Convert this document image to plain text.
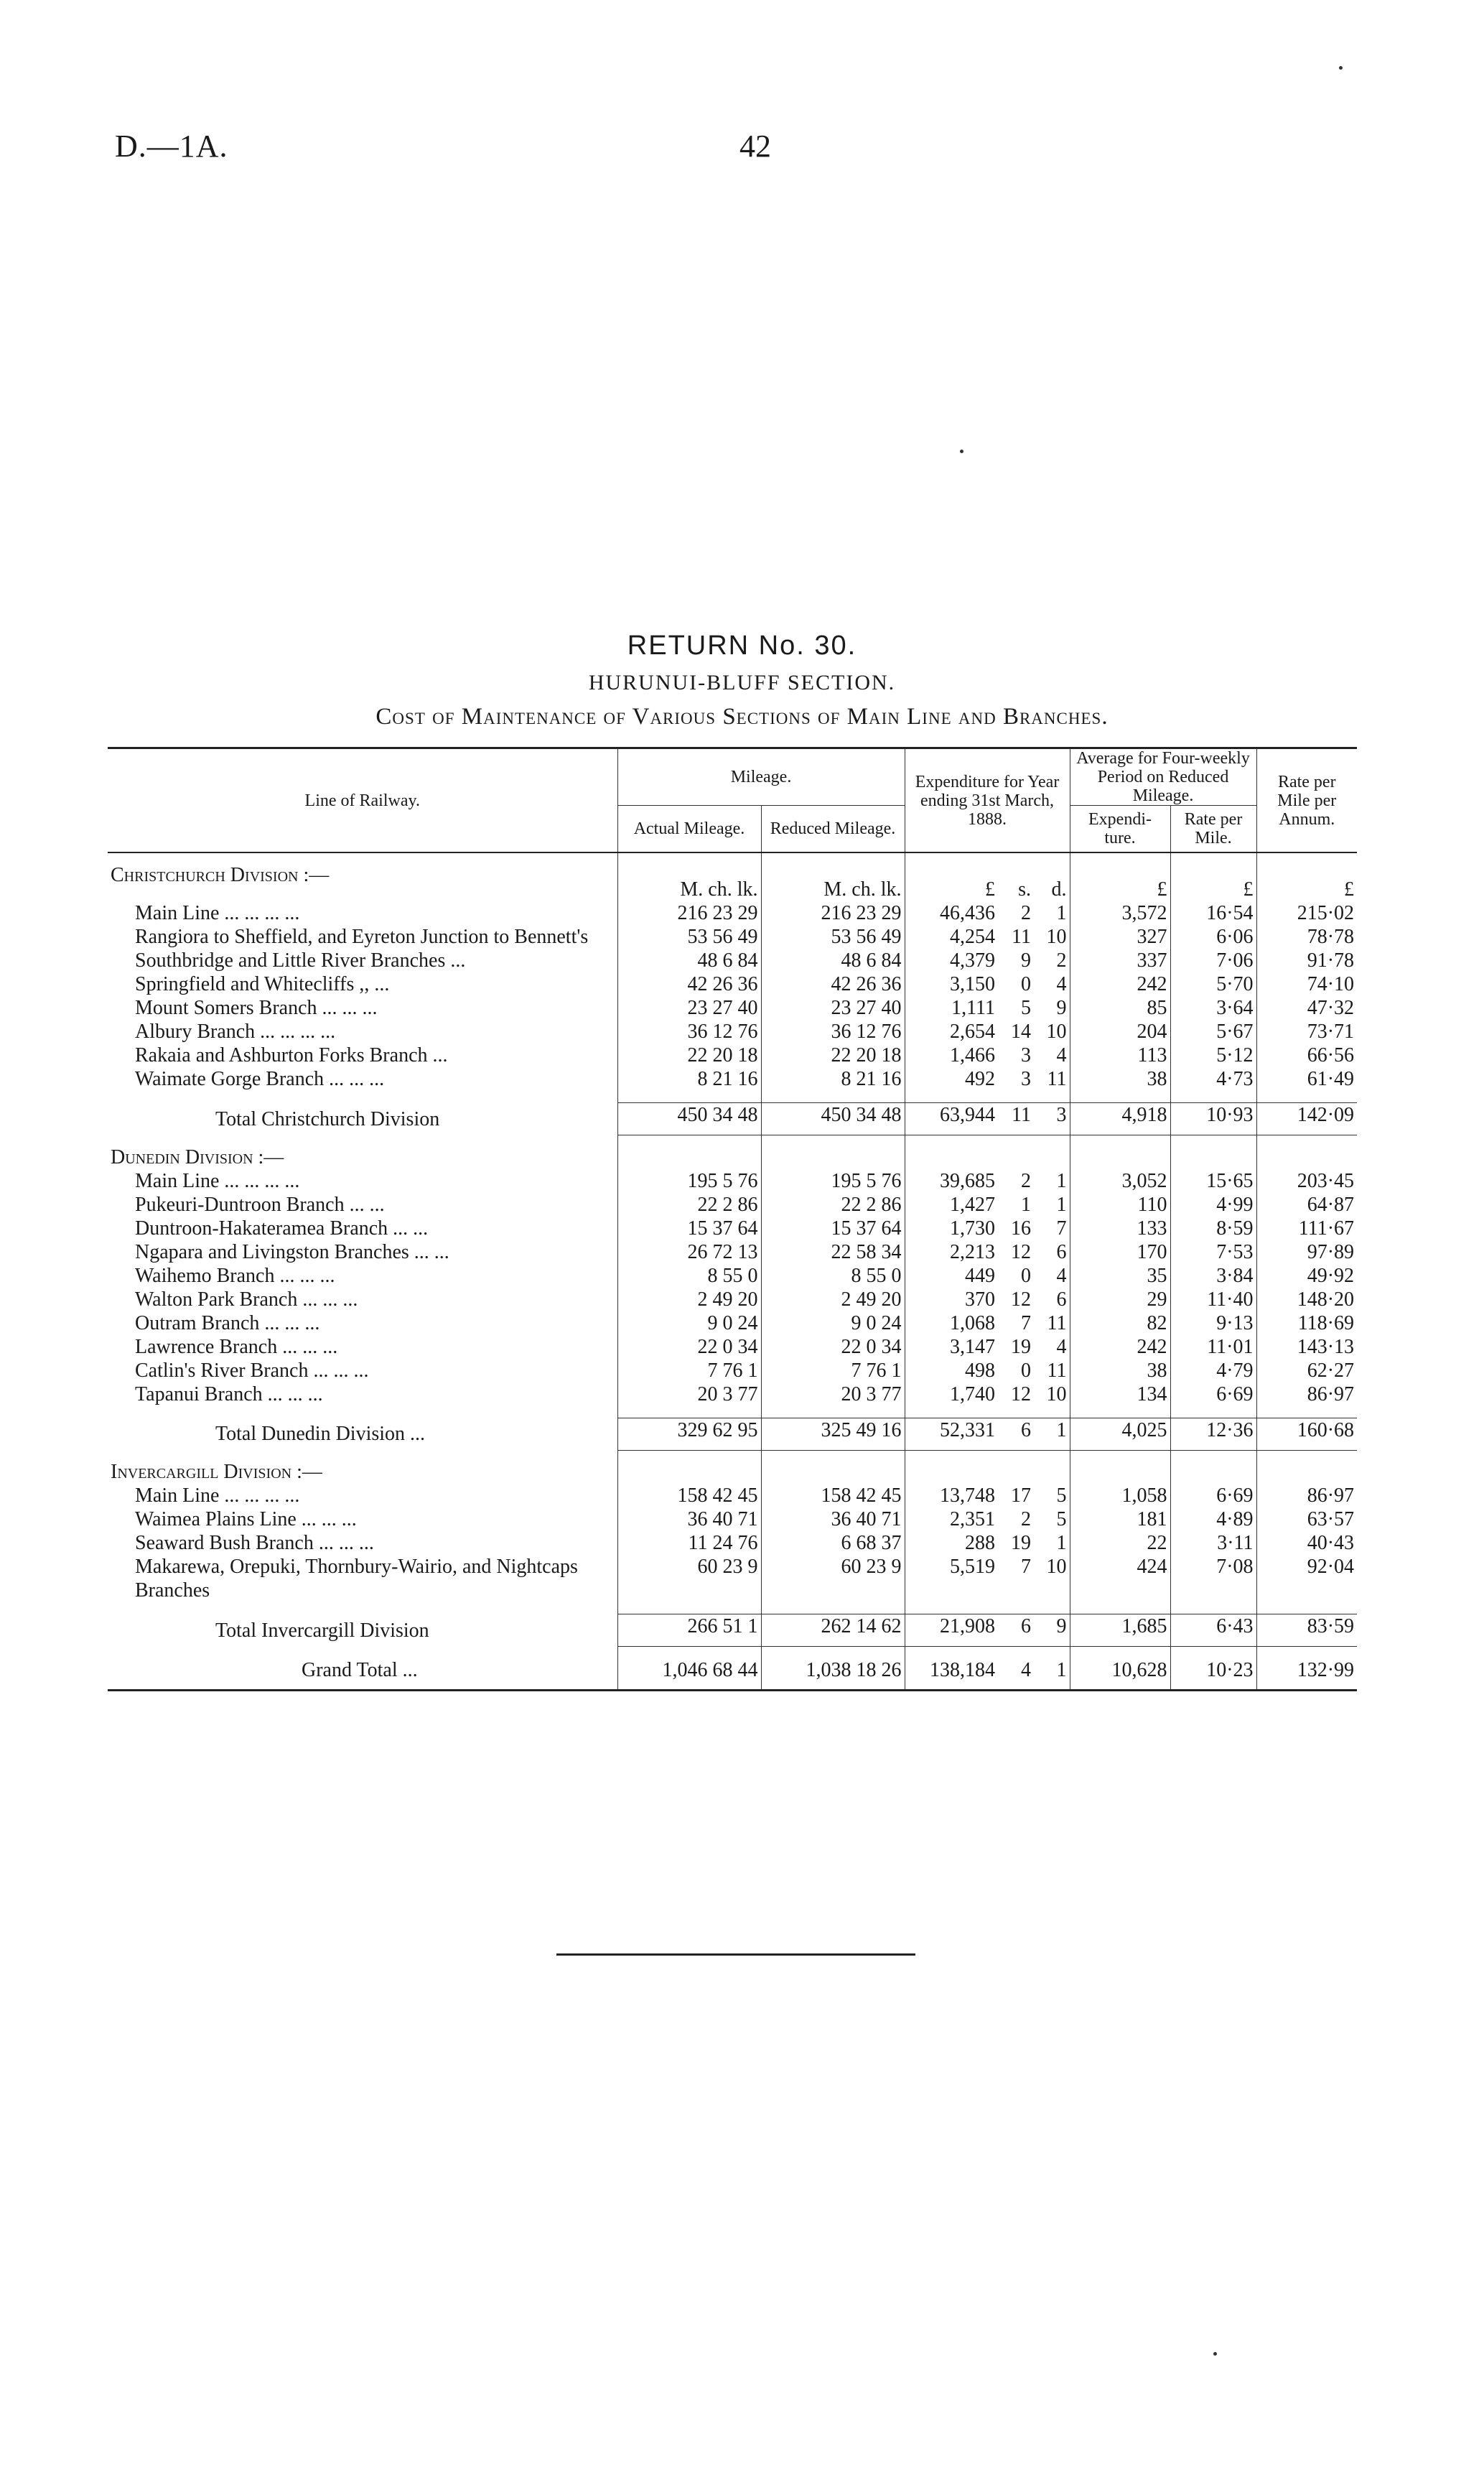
D.—1A.	42
RETURN No. 30.
HURUNUI-BLUFF SECTION.
Cost of Maintenance of Various Sections of Main Line and Branches.
Line of Railway.	Mileage.		Expenditure for Year ending 31st March, 1888.			Average for Four-weekly Period on Reduced Mileage.		Rate per Mile per Annum.
	Actual Mileage.	Reduced Mileage.				Expendi-ture.	Rate per Mile.	
Christchurch Division :—	M. ch. lk.	M. ch. lk.	£	s.	d.	£	£	£
Main Line ... ... ... ...	216 23 29	216 23 29	46,436	2	1	3,572	16·54	215·02
Rangiora to Sheffield, and Eyreton Junction to Bennett's	53 56 49	53 56 49	4,254	11	10	327	6·06	78·78
Southbridge and Little River Branches ...	48 6 84	48 6 84	4,379	9	2	337	7·06	91·78
Springfield and Whitecliffs ,, ...	42 26 36	42 26 36	3,150	0	4	242	5·70	74·10
Mount Somers Branch ... ... ...	23 27 40	23 27 40	1,111	5	9	85	3·64	47·32
Albury Branch ... ... ... ...	36 12 76	36 12 76	2,654	14	10	204	5·67	73·71
Rakaia and Ashburton Forks Branch ...	22 20 18	22 20 18	1,466	3	4	113	5·12	66·56
Waimate Gorge Branch ... ... ...	8 21 16	8 21 16	492	3	11	38	4·73	61·49

Total Christchurch Division	450 34 48	450 34 48	63,944	11	3	4,918	10·93	142·09
Dunedin Division :—								
Main Line ... ... ... ...	195 5 76	195 5 76	39,685	2	1	3,052	15·65	203·45
Pukeuri-Duntroon Branch ... ...	22 2 86	22 2 86	1,427	1	1	110	4·99	64·87
Duntroon-Hakateramea Branch ... ...	15 37 64	15 37 64	1,730	16	7	133	8·59	111·67
Ngapara and Livingston Branches ... ...	26 72 13	22 58 34	2,213	12	6	170	7·53	97·89
Waihemo Branch ... ... ...	8 55 0	8 55 0	449	0	4	35	3·84	49·92
Walton Park Branch ... ... ...	2 49 20	2 49 20	370	12	6	29	11·40	148·20
Outram Branch ... ... ...	9 0 24	9 0 24	1,068	7	11	82	9·13	118·69
Lawrence Branch ... ... ...	22 0 34	22 0 34	3,147	19	4	242	11·01	143·13
Catlin's River Branch ... ... ...	7 76 1	7 76 1	498	0	11	38	4·79	62·27
Tapanui Branch ... ... ...	20 3 77	20 3 77	1,740	12	10	134	6·69	86·97

Total Dunedin Division ...	329 62 95	325 49 16	52,331	6	1	4,025	12·36	160·68
Invercargill Division :—								
Main Line ... ... ... ...	158 42 45	158 42 45	13,748	17	5	1,058	6·69	86·97
Waimea Plains Line ... ... ...	36 40 71	36 40 71	2,351	2	5	181	4·89	63·57
Seaward Bush Branch ... ... ...	11 24 76	6 68 37	288	19	1	22	3·11	40·43
Makarewa, Orepuki, Thornbury-Wairio, and Nightcaps Branches	60 23 9	60 23 9	5,519	7	10	424	7·08	92·04

Total Invercargill Division	266 51 1	262 14 62	21,908	6	9	1,685	6·43	83·59

Grand Total ...	1,046 68 44	1,038 18 26	138,184	4	1	10,628	10·23	132·99
